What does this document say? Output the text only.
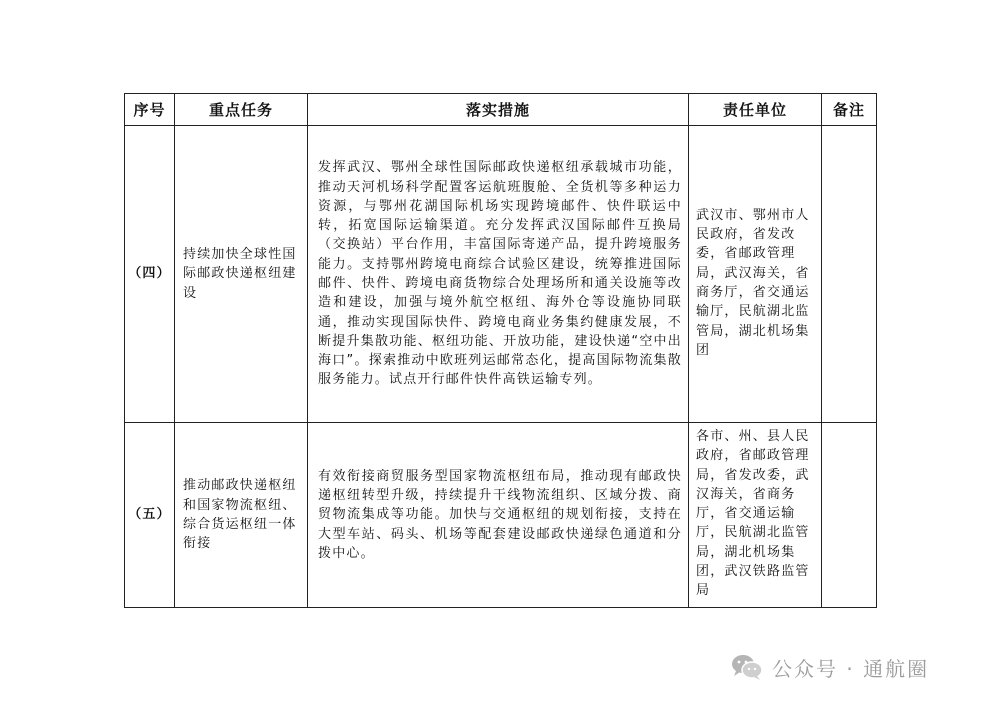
序号	重点任务	落实措施	责任单位	备注
（四）	持续加快全球性国际邮政快递枢纽建设	发挥武汉、鄂州全球性国际邮政快递枢纽承载城市功能，推动天河机场科学配置客运航班腹舱、全货机等多种运力资源，与鄂州花湖国际机场实现跨境邮件、快件联运中转，拓宽国际运输渠道。充分发挥武汉国际邮件互换局（交换站）平台作用，丰富国际寄递产品，提升跨境服务能力。支持鄂州跨境电商综合试验区建设，统筹推进国际邮件、快件、跨境电商货物综合处理场所和通关设施等改造和建设，加强与境外航空枢纽、海外仓等设施协同联通，推动实现国际快件、跨境电商业务集约健康发展，不断提升集散功能、枢纽功能、开放功能，建设快递“空中出海口”。探索推动中欧班列运邮常态化，提高国际物流集散服务能力。试点开行邮件快件高铁运输专列。	武汉市、鄂州市人民政府，省发改委，省邮政管理局，武汉海关，省商务厅，省交通运输厅，民航湖北监管局，湖北机场集团	
（五）	推动邮政快递枢纽和国家物流枢纽、综合货运枢纽一体衔接	有效衔接商贸服务型国家物流枢纽布局，推动现有邮政快递枢纽转型升级，持续提升干线物流组织、区域分拨、商贸物流集成等功能。加快与交通枢纽的规划衔接，支持在大型车站、码头、机场等配套建设邮政快递绿色通道和分拨中心。	各市、州、县人民政府，省邮政管理局，省发改委，武汉海关，省商务厅，省交通运输厅，民航湖北监管局，湖北机场集团，武汉铁路监管局	
公众号 · 通航圈
